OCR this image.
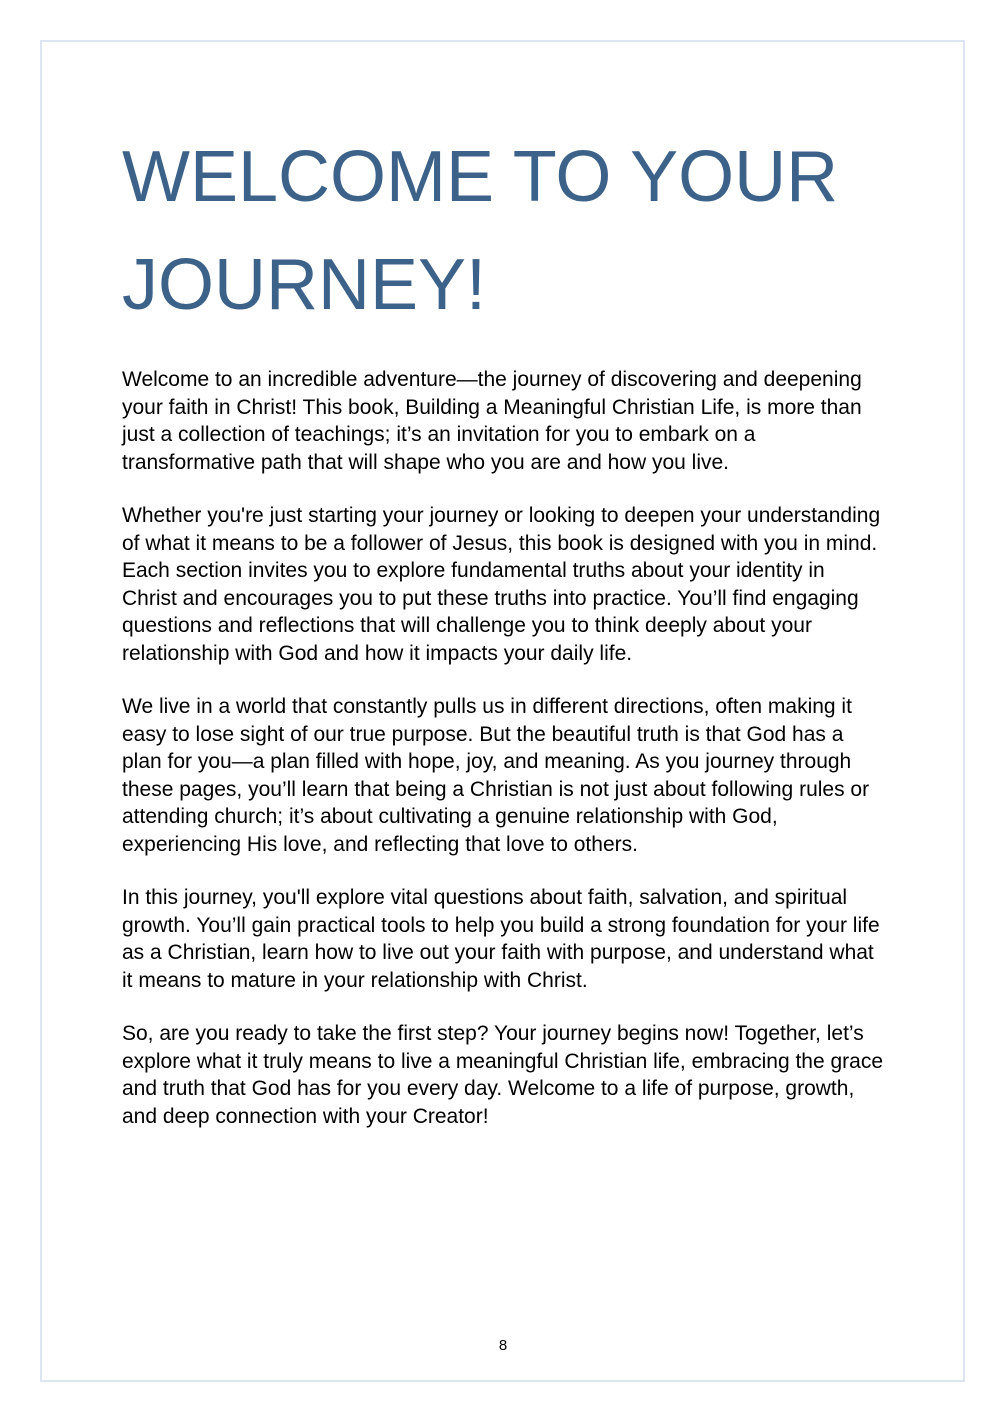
WELCOME TO YOUR JOURNEY!

Welcome to an incredible adventure—the journey of discovering and deepening your faith in Christ! This book, Building a Meaningful Christian Life, is more than just a collection of teachings; it’s an invitation for you to embark on a transformative path that will shape who you are and how you live.

Whether you're just starting your journey or looking to deepen your understanding of what it means to be a follower of Jesus, this book is designed with you in mind. Each section invites you to explore fundamental truths about your identity in Christ and encourages you to put these truths into practice. You’ll find engaging questions and reflections that will challenge you to think deeply about your relationship with God and how it impacts your daily life.

We live in a world that constantly pulls us in different directions, often making it easy to lose sight of our true purpose. But the beautiful truth is that God has a plan for you—a plan filled with hope, joy, and meaning. As you journey through these pages, you’ll learn that being a Christian is not just about following rules or attending church; it’s about cultivating a genuine relationship with God, experiencing His love, and reflecting that love to others.

In this journey, you'll explore vital questions about faith, salvation, and spiritual growth. You’ll gain practical tools to help you build a strong foundation for your life as a Christian, learn how to live out your faith with purpose, and understand what it means to mature in your relationship with Christ.

So, are you ready to take the first step? Your journey begins now! Together, let’s explore what it truly means to live a meaningful Christian life, embracing the grace and truth that God has for you every day. Welcome to a life of purpose, growth, and deep connection with your Creator!

8
